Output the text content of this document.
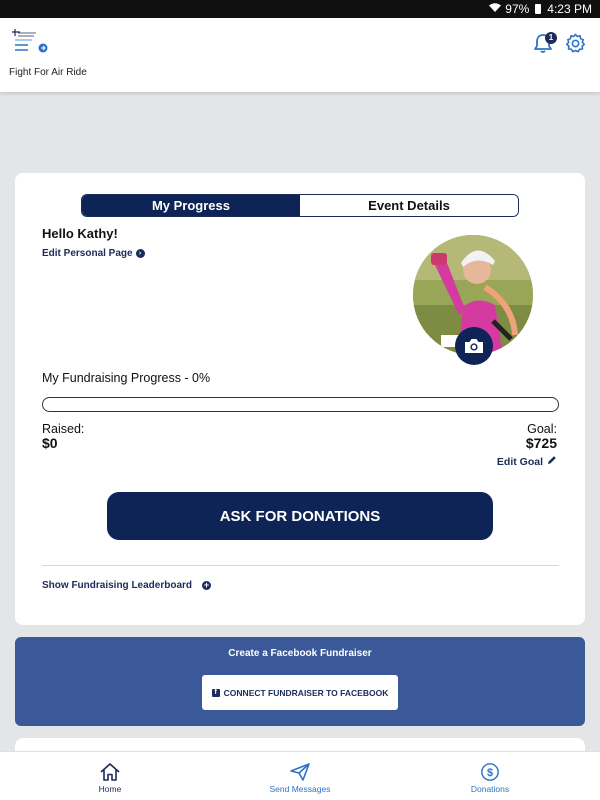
97% 4:23 PM
Fight For Air Ride
1
My Progress	Event Details
Hello Kathy!
Edit Personal Page ›
My Fundraising Progress - 0%
Raised:
$0
Goal:
$725
Edit Goal
ASK FOR DONATIONS
Show Fundraising Leaderboard +
Create a Facebook Fundraiser
f CONNECT FUNDRAISER TO FACEBOOK
Home	Send Messages
$
Donations
